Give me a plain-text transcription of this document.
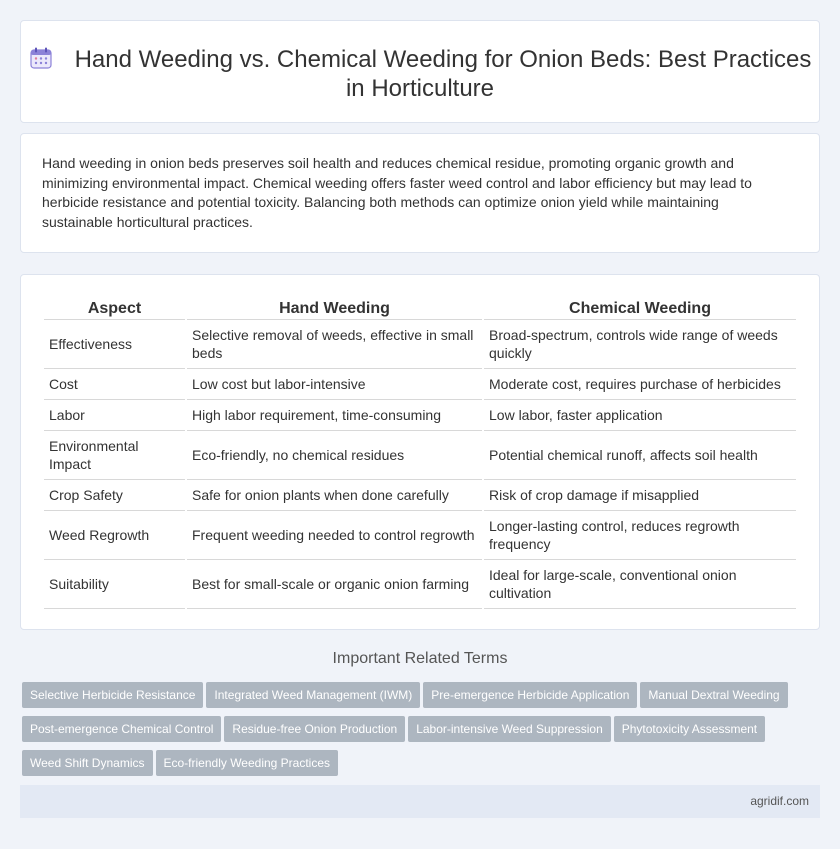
Hand Weeding vs. Chemical Weeding for Onion Beds: Best Practices in Horticulture

Hand weeding in onion beds preserves soil health and reduces chemical residue, promoting organic growth and minimizing environmental impact. Chemical weeding offers faster weed control and labor efficiency but may lead to herbicide resistance and potential toxicity. Balancing both methods can optimize onion yield while maintaining sustainable horticultural practices.

Aspect	Hand Weeding	Chemical Weeding
Effectiveness	Selective removal of weeds, effective in small beds	Broad-spectrum, controls wide range of weeds quickly
Cost	Low cost but labor-intensive	Moderate cost, requires purchase of herbicides
Labor	High labor requirement, time-consuming	Low labor, faster application
Environmental Impact	Eco-friendly, no chemical residues	Potential chemical runoff, affects soil health
Crop Safety	Safe for onion plants when done carefully	Risk of crop damage if misapplied
Weed Regrowth	Frequent weeding needed to control regrowth	Longer-lasting control, reduces regrowth frequency
Suitability	Best for small-scale or organic onion farming	Ideal for large-scale, conventional onion cultivation
Important Related Terms
Selective Herbicide Resistance Integrated Weed Management (IWM) Pre-emergence Herbicide Application Manual Dextral Weeding
Post-emergence Chemical Control Residue-free Onion Production Labor-intensive Weed Suppression Phytotoxicity Assessment
Weed Shift Dynamics Eco-friendly Weeding Practices
agridif.com
